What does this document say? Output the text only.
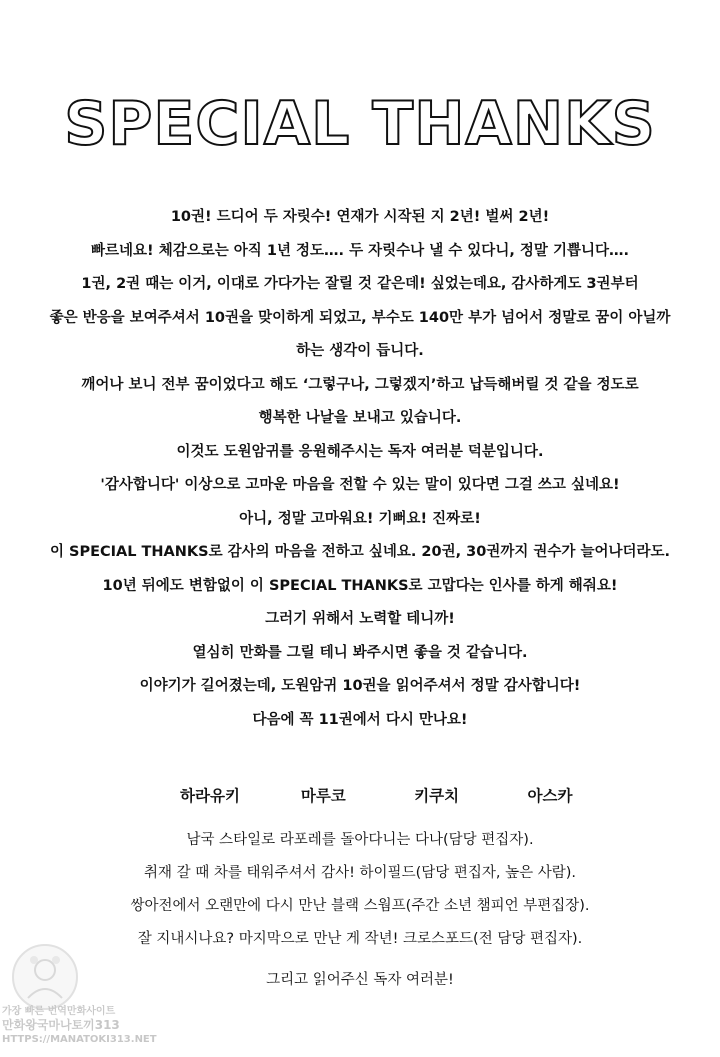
SPECIAL THANKS
10권! 드디어 두 자릿수! 연재가 시작된 지 2년! 벌써 2년!
빠르네요! 체감으로는 아직 1년 정도…. 두 자릿수나 낼 수 있다니, 정말 기쁩니다….
1권, 2권 때는 이거, 이대로 가다가는 잘릴 것 같은데! 싶었는데요, 감사하게도 3권부터
좋은 반응을 보여주셔서 10권을 맞이하게 되었고, 부수도 140만 부가 넘어서 정말로 꿈이 아닐까
하는 생각이 듭니다.
깨어나 보니 전부 꿈이었다고 해도 ‘그렇구나, 그렇겠지’하고 납득해버릴 것 같을 정도로
행복한 나날을 보내고 있습니다.
이것도 도원암귀를 응원해주시는 독자 여러분 덕분입니다.
'감사합니다' 이상으로 고마운 마음을 전할 수 있는 말이 있다면 그걸 쓰고 싶네요!
아니, 정말 고마워요! 기뻐요! 진짜로!
이 SPECIAL THANKS로 감사의 마음을 전하고 싶네요. 20권, 30권까지 권수가 늘어나더라도.
10년 뒤에도 변함없이 이 SPECIAL THANKS로 고맙다는 인사를 하게 해줘요!
그러기 위해서 노력할 테니까!
열심히 만화를 그릴 테니 봐주시면 좋을 것 같습니다.
이야기가 길어졌는데, 도원암귀 10권을 읽어주셔서 정말 감사합니다!
다음에 꼭 11권에서 다시 만나요!
하라유키	마루코	키쿠치	아스카
남국 스타일로 라포레를 돌아다니는 다나(담당 편집자).
취재 갈 때 차를 태워주셔서 감사! 하이필드(담당 편집자, 높은 사람).
쌍아전에서 오랜만에 다시 만난 블랙 스웜프(주간 소년 챔피언 부편집장).
잘 지내시나요? 마지막으로 만난 게 작년! 크로스포드(전 담당 편집자).
그리고 읽어주신 독자 여러분!
가장 빠른 번역만화사이트
만화왕국마나토끼313
HTTPS://MANATOKI313.NET
